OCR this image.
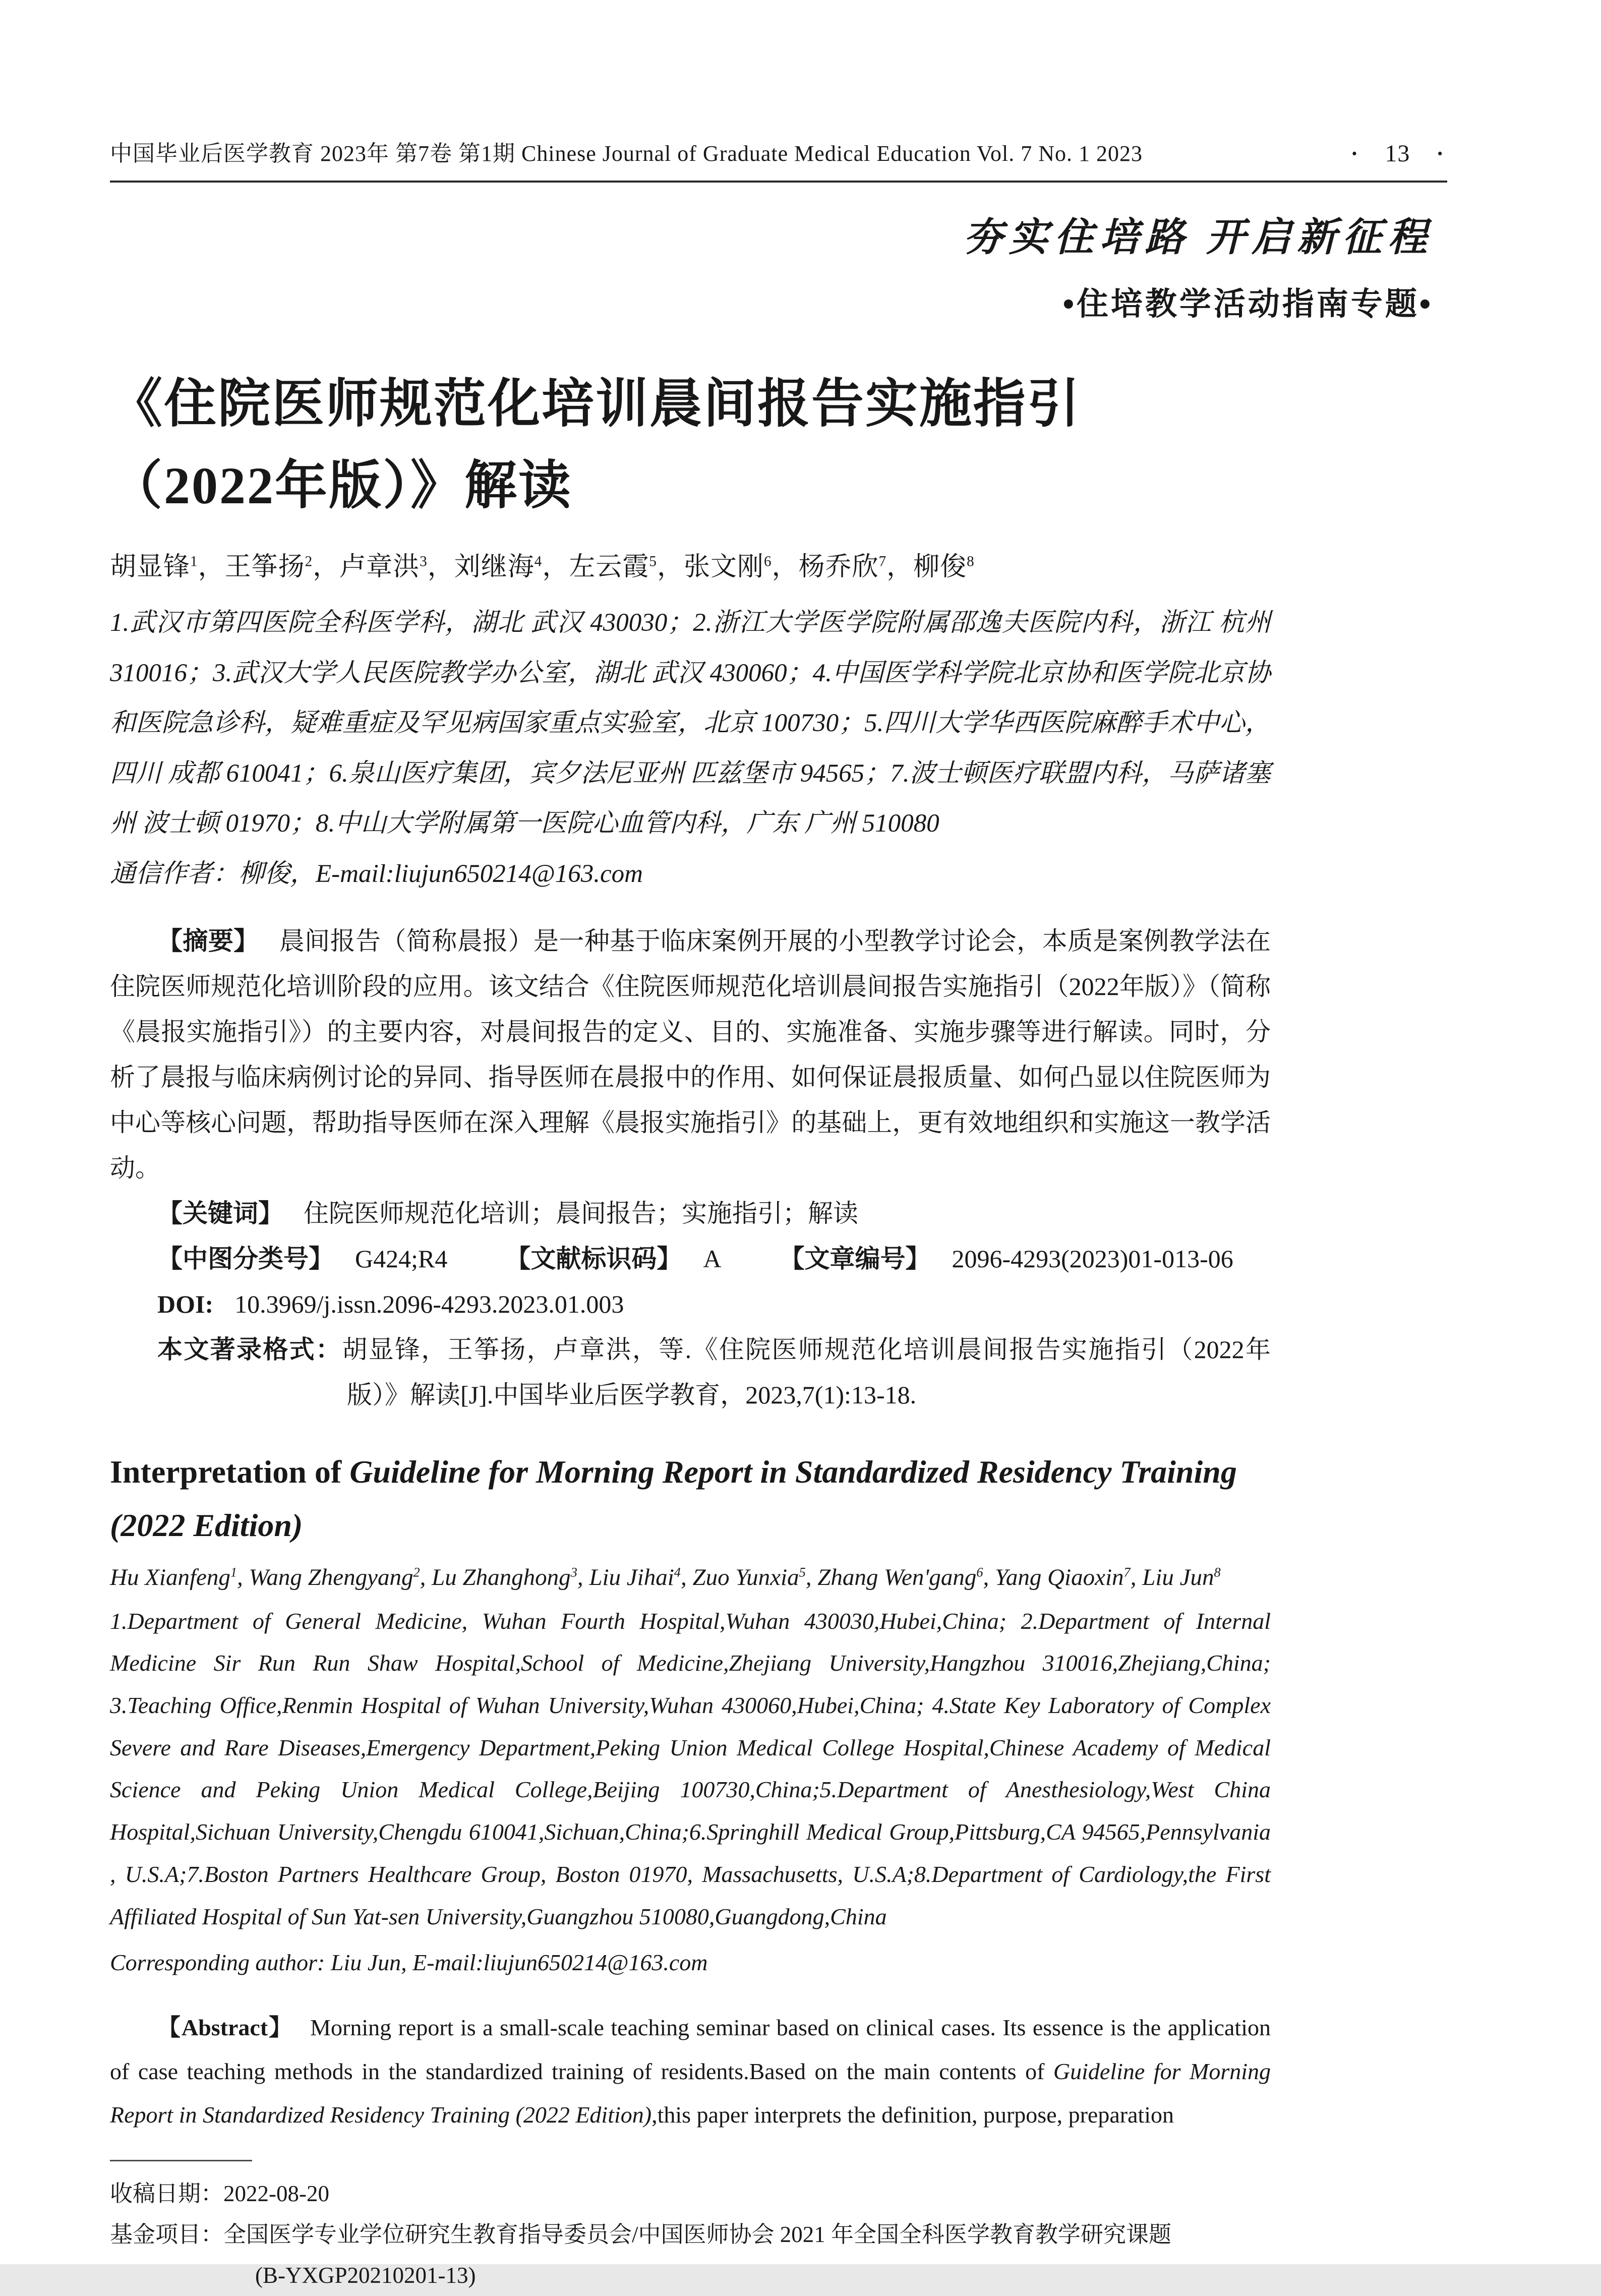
中国毕业后医学教育 2023年 第7卷 第1期 Chinese Journal of Graduate Medical Education Vol. 7 No. 1 2023	· 13 ·
夯实住培路 开启新征程
•住培教学活动指南专题•
《住院医师规范化培训晨间报告实施指引
（2022年版）》解读

胡显锋$^1$，王筝扬$^2$，卢章洪$^3$，刘继海$^4$，左云霞$^5$，张文刚$^6$，杨乔欣$^7$，柳俊$^8$

1.武汉市第四医院全科医学科，湖北 武汉 430030；2.浙江大学医学院附属邵逸夫医院内科，浙江 杭州 310016；3.武汉大学人民医院教学办公室，湖北 武汉 430060；4.中国医学科学院北京协和医学院北京协和医院急诊科，疑难重症及罕见病国家重点实验室，北京 100730；5.四川大学华西医院麻醉手术中心，四川 成都 610041；6.泉山医疗集团，宾夕法尼亚州 匹兹堡市 94565；7.波士顿医疗联盟内科，马萨诸塞州 波士顿 01970；8.中山大学附属第一医院心血管内科，广东 广州 510080

通信作者：柳俊，E-mail:liujun650214@163.com

【摘要】 晨间报告（简称晨报）是一种基于临床案例开展的小型教学讨论会，本质是案例教学法在住院医师规范化培训阶段的应用。该文结合《住院医师规范化培训晨间报告实施指引（2022年版）》（简称《晨报实施指引》）的主要内容，对晨间报告的定义、目的、实施准备、实施步骤等进行解读。同时，分析了晨报与临床病例讨论的异同、指导医师在晨报中的作用、如何保证晨报质量、如何凸显以住院医师为中心等核心问题，帮助指导医师在深入理解《晨报实施指引》的基础上，更有效地组织和实施这一教学活动。

【关键词】 住院医师规范化培训；晨间报告；实施指引；解读

【中图分类号】 G424;R4 【文献标识码】 A 【文章编号】 2096-4293(2023)01-013-06

DOI: 10.3969/j.issn.2096-4293.2023.01.003

本文著录格式：胡显锋，王筝扬，卢章洪，等.《住院医师规范化培训晨间报告实施指引（2022年版）》解读[J].中国毕业后医学教育，2023,7(1):13-18.

Interpretation of Guideline for Morning Report in Standardized Residency Training (2022 Edition)

Hu Xianfeng$^1$, Wang Zhengyang$^2$, Lu Zhanghong$^3$, Liu Jihai$^4$, Zuo Yunxia$^5$, Zhang Wen'gang$^6$, Yang Qiaoxin$^7$, Liu Jun$^8$

1.Department of General Medicine, Wuhan Fourth Hospital,Wuhan 430030,Hubei,China; 2.Department of Internal Medicine Sir Run Run Shaw Hospital,School of Medicine,Zhejiang University,Hangzhou 310016,Zhejiang,China; 3.Teaching Office,Renmin Hospital of Wuhan University,Wuhan 430060,Hubei,China; 4.State Key Laboratory of Complex Severe and Rare Diseases,Emergency Department,Peking Union Medical College Hospital,Chinese Academy of Medical Science and Peking Union Medical College,Beijing 100730,China;5.Department of Anesthesiology,West China Hospital,Sichuan University,Chengdu 610041,Sichuan,China;6.Springhill Medical Group,Pittsburg,CA 94565,Pennsylvania , U.S.A;7.Boston Partners Healthcare Group, Boston 01970, Massachusetts, U.S.A;8.Department of Cardiology,the First Affiliated Hospital of Sun Yat-sen University,Guangzhou 510080,Guangdong,China

Corresponding author: Liu Jun, E-mail:liujun650214@163.com

【Abstract】 Morning report is a small-scale teaching seminar based on clinical cases. Its essence is the application of case teaching methods in the standardized training of residents.Based on the main contents of Guideline for Morning Report in Standardized Residency Training (2022 Edition),this paper interprets the definition, purpose, preparation

收稿日期：2022-08-20

基金项目：全国医学专业学位研究生教育指导委员会/中国医师协会 2021 年全国全科医学教育教学研究课题

(B-YXGP20210201-13)
